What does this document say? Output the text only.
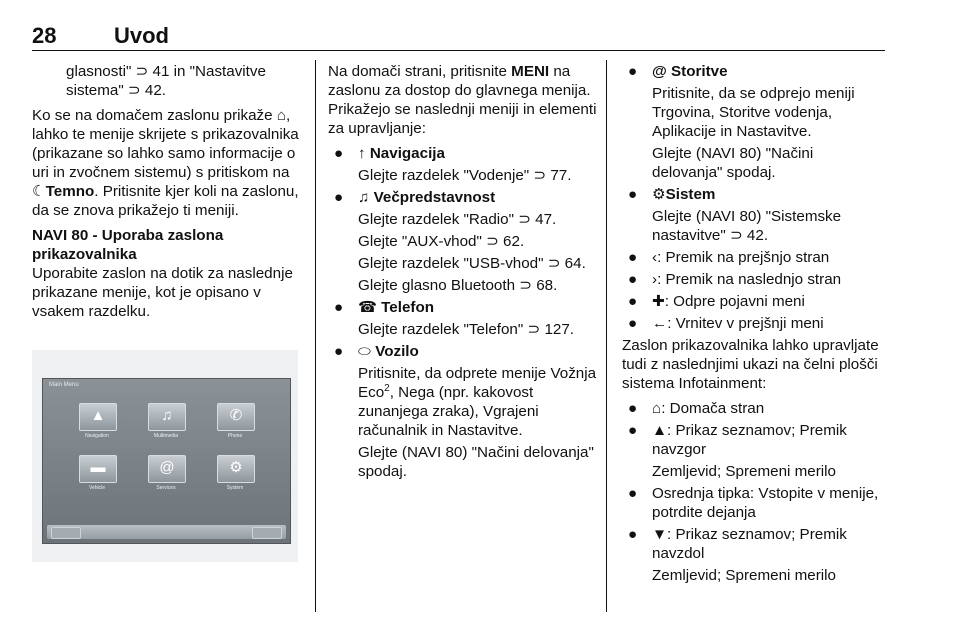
28	Uvod

glasnosti" ⊃ 41 in "Nastavitve sistema" ⊃ 42.

Ko se na domačem zaslonu prikaže ⌂, lahko te menije skrijete s prikazovalnika (prikazane so lahko samo informacije o uri in zvočnem sistemu) s pritiskom na ☾Temno. Pritisnite kjer koli na zaslonu, da se znova prikažejo ti meniji.

NAVI 80 - Uporaba zaslona prikazovalnika

Uporabite zaslon na dotik za naslednje prikazane menije, kot je opisano v vsakem razdelku.

Main Menu
▲
Navigation
♫
Multimedia
✆
Phone
▬
Vehicle
@
Services
⚙
System

Na domači strani, pritisnite MENI na zaslonu za dostop do glavnega menija. Prikažejo se naslednji meniji in elementi za upravljanje:

● ↑ Navigacija

Glejte razdelek "Vodenje" ⊃ 77.

● ♫ Večpredstavnost

Glejte razdelek "Radio" ⊃ 47.

Glejte "AUX-vhod" ⊃ 62.

Glejte razdelek "USB-vhod" ⊃ 64.

Glejte glasno Bluetooth ⊃ 68.

● ☎ Telefon

Glejte razdelek "Telefon" ⊃ 127.

● ⬭ Vozilo

Pritisnite, da odprete menije Vožnja Eco$^2$, Nega (npr. kakovost zunanjega zraka), Vgrajeni računalnik in Nastavitve.

Glejte (NAVI 80) "Načini delovanja" spodaj.

● @ Storitve

Pritisnite, da se odprejo meniji Trgovina, Storitve vodenja, Aplikacije in Nastavitve.

Glejte (NAVI 80) "Načini delovanja" spodaj.

● ⚙Sistem

Glejte (NAVI 80) "Sistemske nastavitve" ⊃ 42.

● ‹: Premik na prejšnjo stran
● ›: Premik na naslednjo stran
● ✚: Odpre pojavni meni
● ←: Vrnitev v prejšnji meni

Zaslon prikazovalnika lahko upravljate tudi z naslednjimi ukazi na čelni plošči sistema Infotainment:

● ⌂: Domača stran
● ▲: Prikaz seznamov; Premik navzgor

Zemljevid; Spremeni merilo

● Osrednja tipka: Vstopite v menije, potrdite dejanja
● ▼: Prikaz seznamov; Premik navzdol

Zemljevid; Spremeni merilo
